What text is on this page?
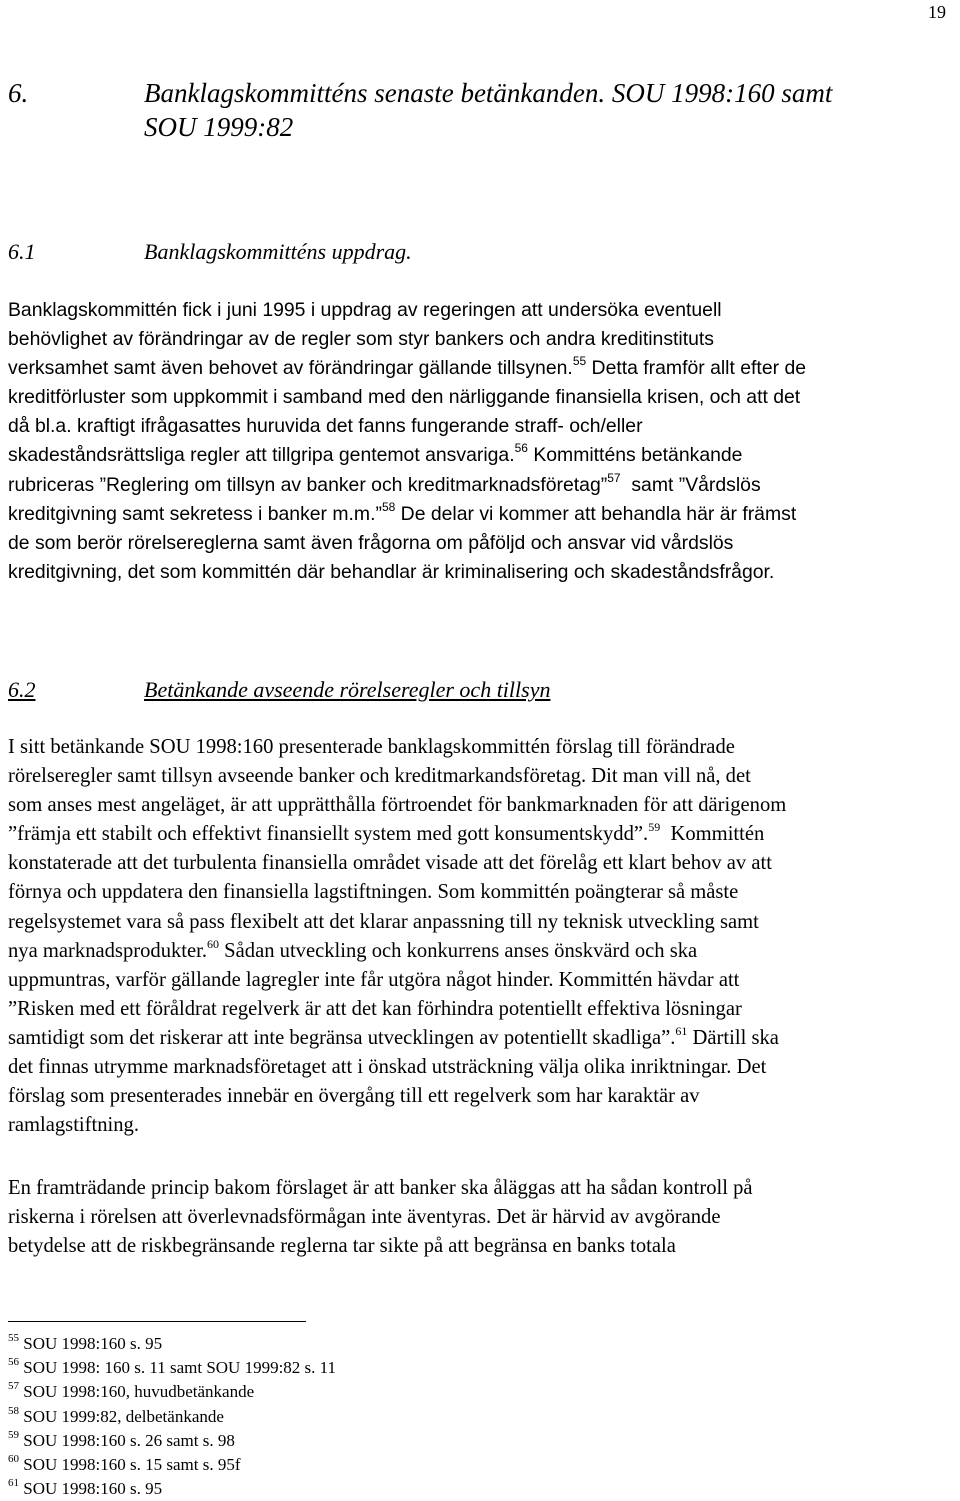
19
6.	Banklagskommitténs senaste betänkanden. SOU 1998:160 samt
SOU 1999:82
6.1	Banklagskommitténs uppdrag.
Banklagskommittén fick i juni 1995 i uppdrag av regeringen att undersöka eventuell
behövlighet av förändringar av de regler som styr bankers och andra kreditinstituts
verksamhet samt även behovet av förändringar gällande tillsynen.$^{55}$ Detta framför allt efter de
kreditförluster som uppkommit i samband med den närliggande finansiella krisen, och att det
då bl.a. kraftigt ifrågasattes huruvida det fanns fungerande straff- och/eller
skadeståndsrättsliga regler att tillgripa gentemot ansvariga.$^{56}$ Kommitténs betänkande
rubriceras ”Reglering om tillsyn av banker och kreditmarknadsföretag”$^{57}$  samt ”Vårdslös
kreditgivning samt sekretess i banker m.m.”$^{58}$ De delar vi kommer att behandla här är främst
de som berör rörelsereglerna samt även frågorna om påföljd och ansvar vid vårdslös
kreditgivning, det som kommittén där behandlar är kriminalisering och skadeståndsfrågor.
6.2	Betänkande avseende rörelseregler och tillsyn
I sitt betänkande SOU 1998:160 presenterade banklagskommittén förslag till förändrade
rörelseregler samt tillsyn avseende banker och kreditmarkandsföretag. Dit man vill nå, det
som anses mest angeläget, är att upprätthålla förtroendet för bankmarknaden för att därigenom
”främja ett stabilt och effektivt finansiellt system med gott konsumentskydd”.$^{59}$  Kommittén
konstaterade att det turbulenta finansiella området visade att det förelåg ett klart behov av att
förnya och uppdatera den finansiella lagstiftningen. Som kommittén poängterar så måste
regelsystemet vara så pass flexibelt att det klarar anpassning till ny teknisk utveckling samt
nya marknadsprodukter.$^{60}$ Sådan utveckling och konkurrens anses önskvärd och ska
uppmuntras, varför gällande lagregler inte får utgöra något hinder. Kommittén hävdar att
”Risken med ett föråldrat regelverk är att det kan förhindra potentiellt effektiva lösningar
samtidigt som det riskerar att inte begränsa utvecklingen av potentiellt skadliga”.$^{61}$ Därtill ska
det finnas utrymme marknadsföretaget att i önskad utsträckning välja olika inriktningar. Det
förslag som presenterades innebär en övergång till ett regelverk som har karaktär av
ramlagstiftning.
En framträdande princip bakom förslaget är att banker ska åläggas att ha sådan kontroll på
riskerna i rörelsen att överlevnadsförmågan inte äventyras. Det är härvid av avgörande
betydelse att de riskbegränsande reglerna tar sikte på att begränsa en banks totala
$^{55}$ SOU 1998:160 s. 95
$^{56}$ SOU 1998: 160 s. 11 samt SOU 1999:82 s. 11
$^{57}$ SOU 1998:160, huvudbetänkande
$^{58}$ SOU 1999:82, delbetänkande
$^{59}$ SOU 1998:160 s. 26 samt s. 98
$^{60}$ SOU 1998:160 s. 15 samt s. 95f
$^{61}$ SOU 1998:160 s. 95
